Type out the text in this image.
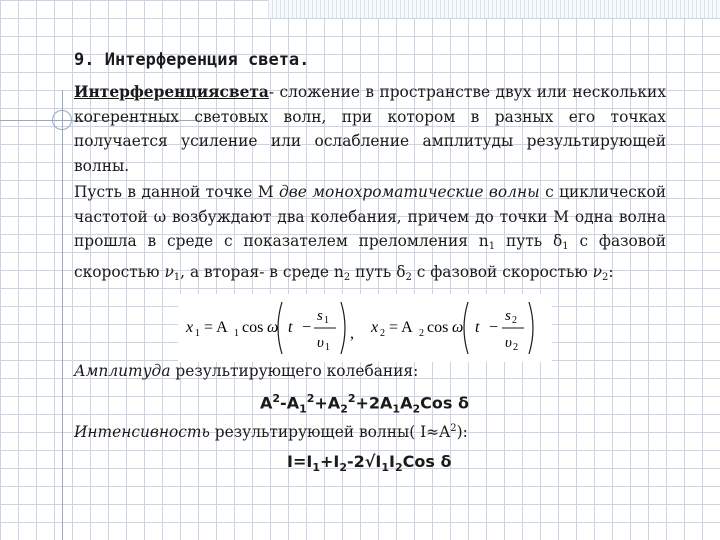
9. Интерференция света.
Интерференциясвета- сложение в пространстве двух или нескольких когерентных световых волн, при котором в разных его точках получается усиление или ослабление амплитуды результирующей волны.
Пусть в данной точке М две монохроматические волны с циклической частотой ω возбуждают два колебания, причем до точки М одна волна прошла в среде с показателем преломления $n_1$ путь $\delta_1$ с фазовой скоростью 𝜈$_1$, а вторая- в среде $n_2$ путь $\delta_2$ с фазовой скоростью 𝜈$_2$:
x 1 = A 1 cos ω t −
s 1
υ 1
, x 2 = A 2 cos ω t −
s 2
υ 2
Амплитуда результирующего колебания:
$A^2-A_1^2+A_2^2+2A_1A_2Cos$ δ
Интенсивность результирующей волны( $I\approx A^2$):
$I=I_1+I_2-2√I_1I_2Cos$ δ
